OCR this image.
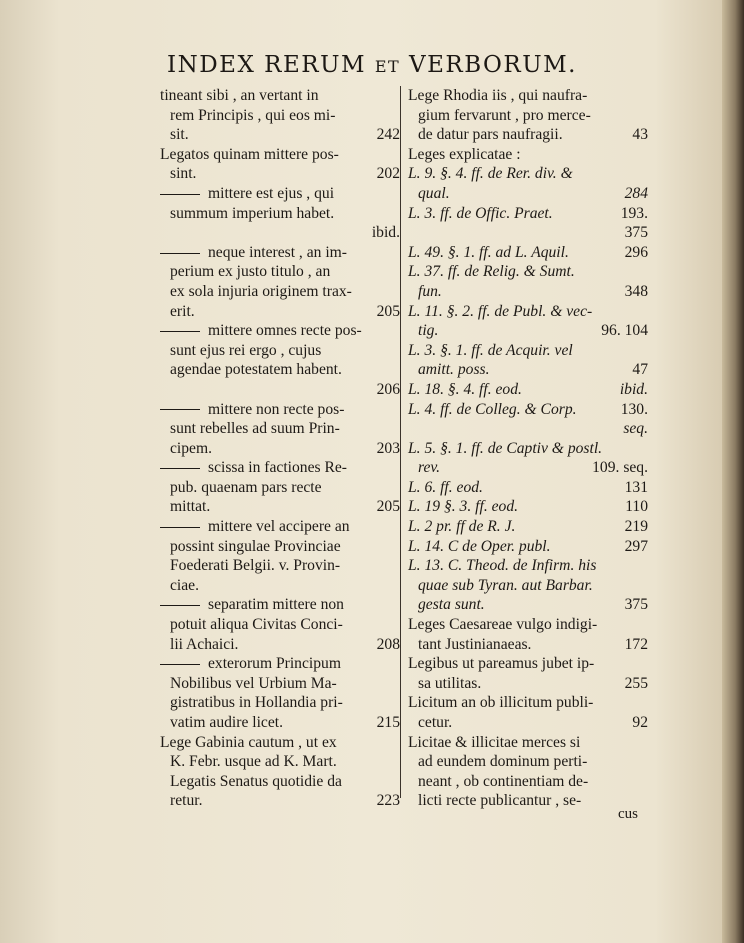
INDEX RERUM ET VERBORUM.
tineant sibi , an vertant in
rem Principis , qui eos mi-
sit.	242
Legatos quinam mittere pos-
sint.	202
mittere est ejus , qui
summum imperium habet.
ibid.
neque interest , an im-
perium ex justo titulo , an
ex sola injuria originem trax-
erit.	205
mittere omnes recte pos-
sunt ejus rei ergo , cujus
agendae potestatem habent.
206
mittere non recte pos-
sunt rebelles ad suum Prin-
cipem.	203
scissa in factiones Re-
pub. quaenam pars recte
mittat.	205
mittere vel accipere an
possint singulae Provinciae
Foederati Belgii. v. Provin-
ciae.
separatim mittere non
potuit aliqua Civitas Conci-
lii Achaici.	208
exterorum Principum
Nobilibus vel Urbium Ma-
gistratibus in Hollandia pri-
vatim audire licet.	215
Lege Gabinia cautum , ut ex
K. Febr. usque ad K. Mart.
Legatis Senatus quotidie da
retur.	223
Lege Rhodia iis , qui naufra-
gium fervarunt , pro merce-
de datur pars naufragii.	43
Leges explicatae :
L. 9. §. 4. ff. de Rer. div. &
qual.	284
L. 3. ff. de Offic. Praet.	193.
375
L. 49. §. 1. ff. ad L. Aquil.	296
L. 37. ff. de Relig. & Sumt.
fun.	348
L. 11. §. 2. ff. de Publ. & vec-
tig.	96. 104
L. 3. §. 1. ff. de Acquir. vel
amitt. poss.	47
L. 18. §. 4. ff. eod.	ibid.
L. 4. ff. de Colleg. & Corp.	130.
seq.
L. 5. §. 1. ff. de Captiv & postl.
rev.	109. seq.
L. 6. ff. eod.	131
L. 19 §. 3. ff. eod.	110
L. 2 pr. ff de R. J.	219
L. 14. C de Oper. publ.	297
L. 13. C. Theod. de Infirm. his
quae sub Tyran. aut Barbar.
gesta sunt.	375
Leges Caesareae vulgo indigi-
tant Justinianaeas.	172
Legibus ut pareamus jubet ip-
sa utilitas.	255
Licitum an ob illicitum publi-
cetur.	92
Licitae & illicitae merces si
ad eundem dominum perti-
neant , ob continentiam de-
licti recte publicantur , se-
cus
